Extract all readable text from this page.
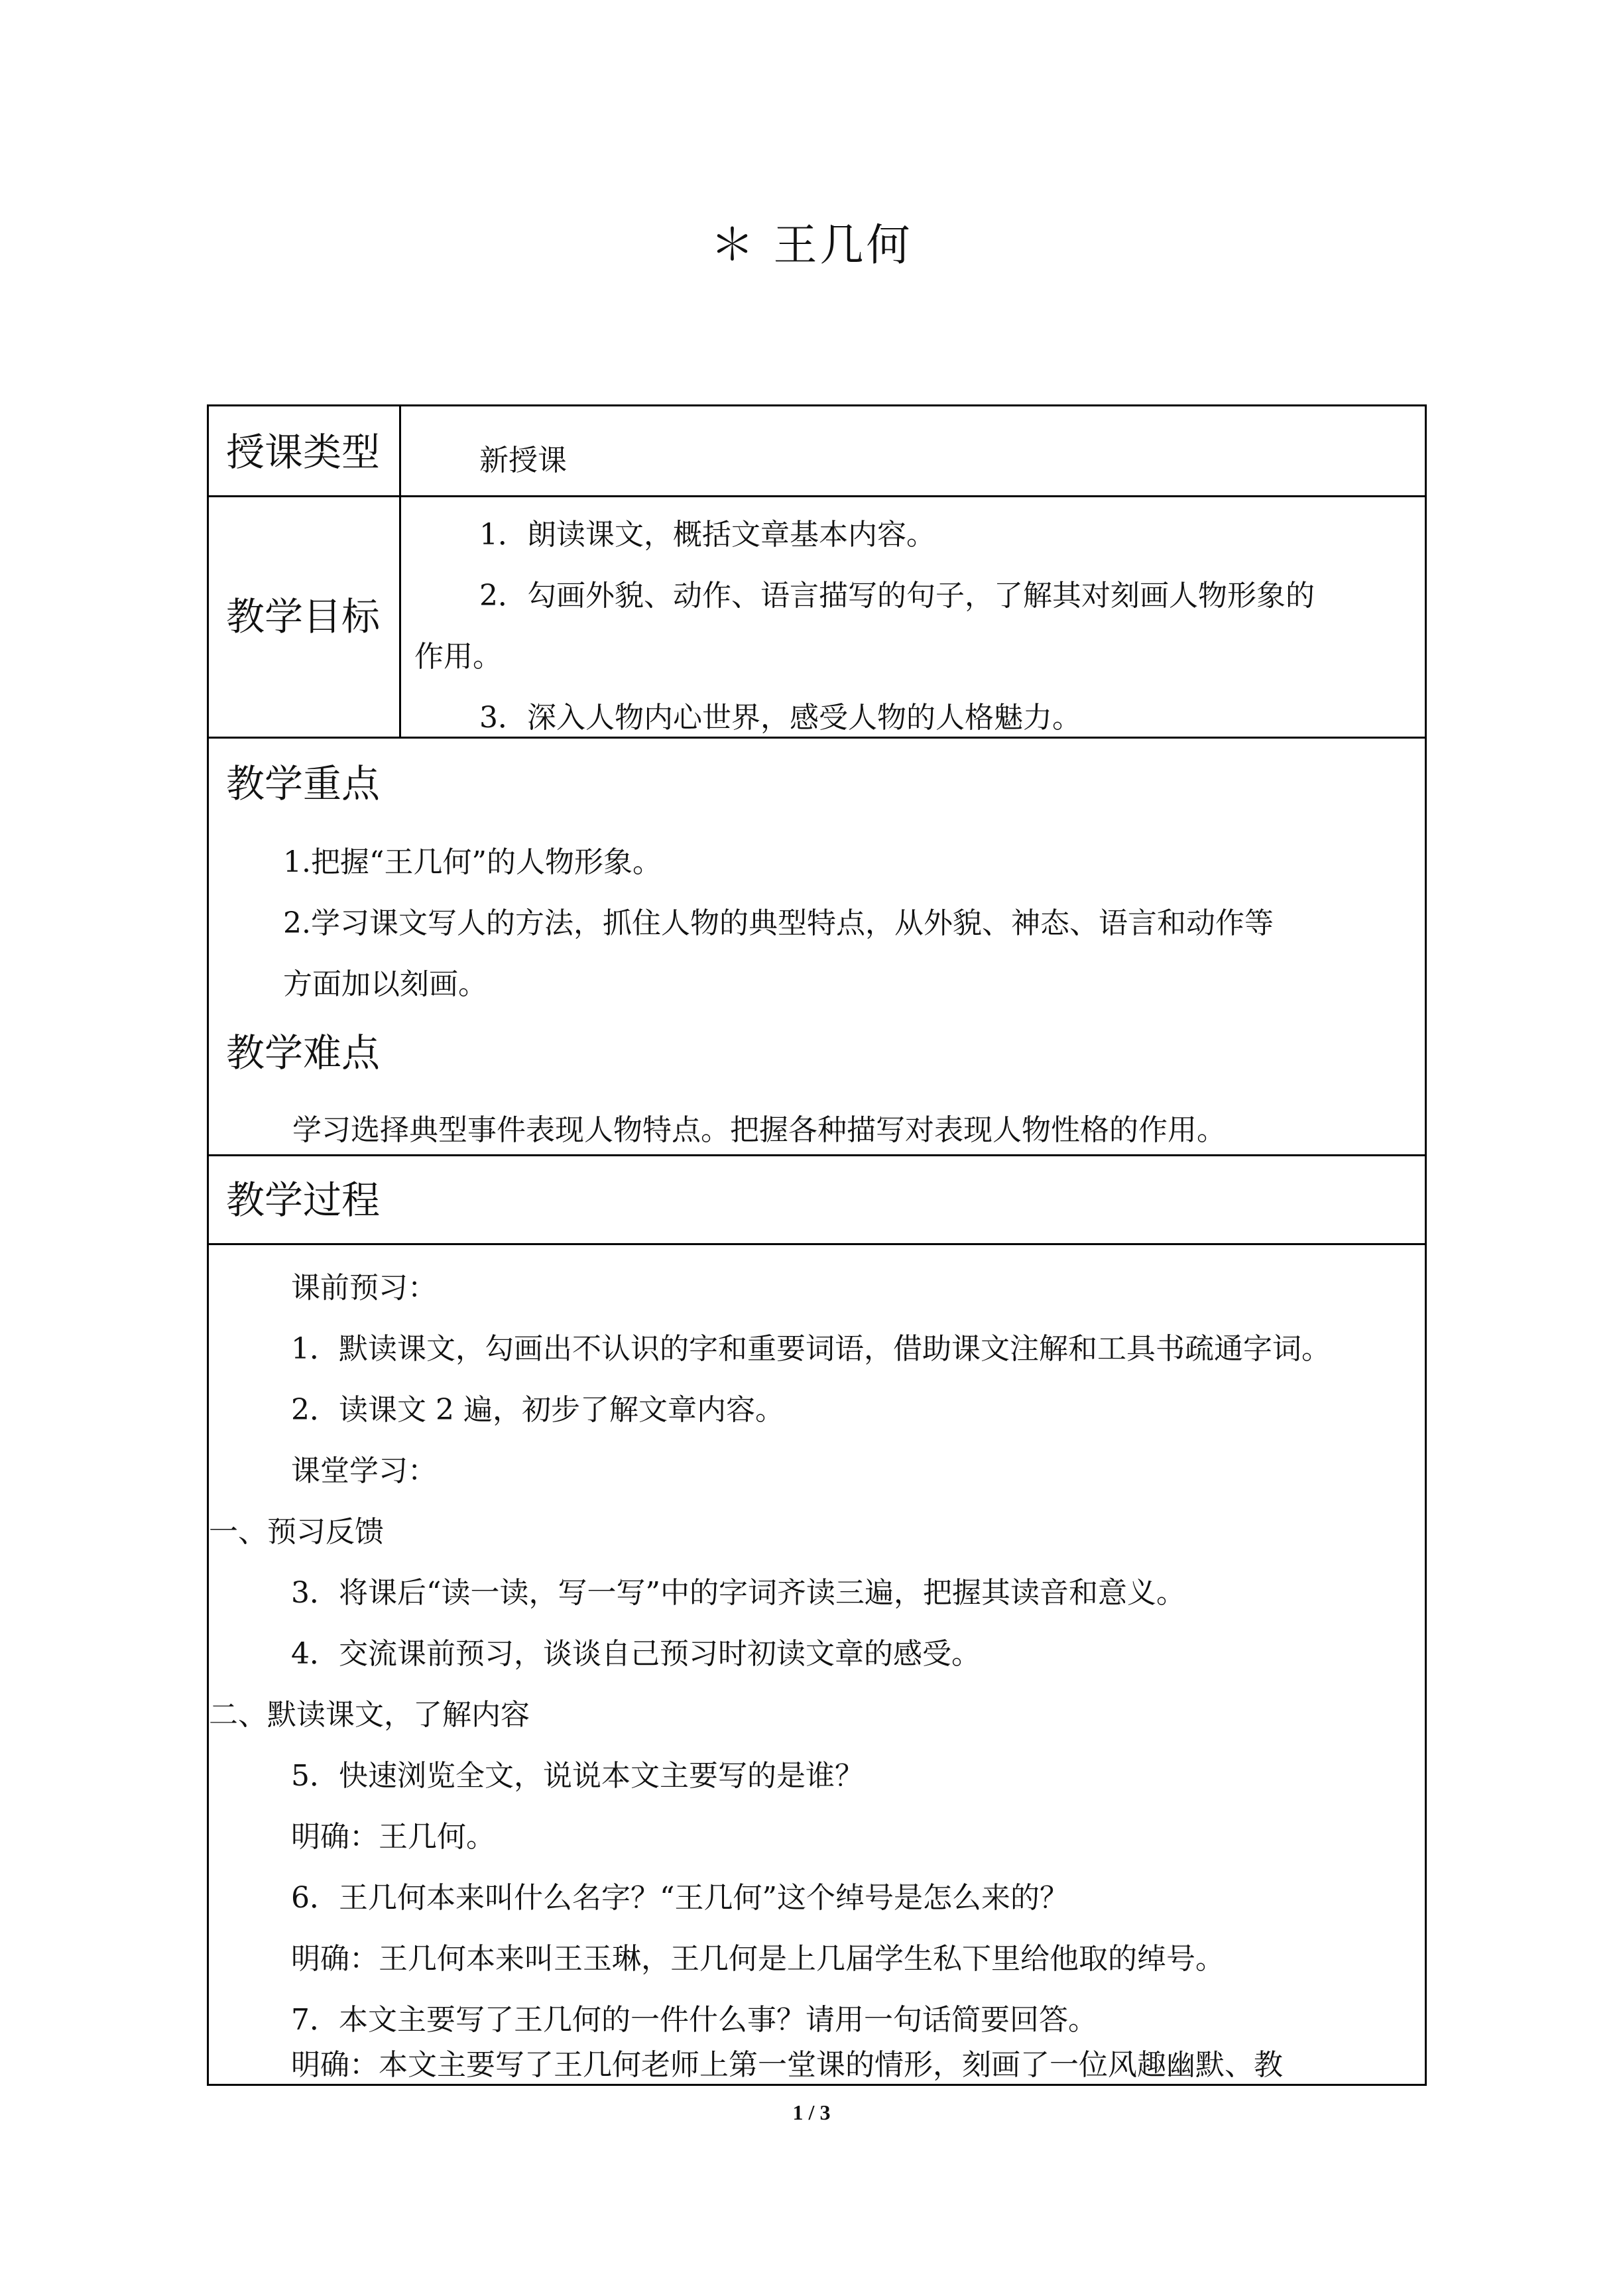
＊ 王几何
授课类型	新授课
教学目标
1．朗读课文，概括文章基本内容。
2．勾画外貌、动作、语言描写的句子，了解其对刻画人物形象的
作用。
3．深入人物内心世界，感受人物的人格魅力。
教学重点
1.把握“王几何”的人物形象。
2.学习课文写人的方法，抓住人物的典型特点，从外貌、神态、语言和动作等
方面加以刻画。
教学难点
学习选择典型事件表现人物特点。把握各种描写对表现人物性格的作用。
教学过程
课前预习：
1．默读课文，勾画出不认识的字和重要词语，借助课文注解和工具书疏通字词。
2．读课文 2 遍，初步了解文章内容。
课堂学习：
一、预习反馈
3．将课后“读一读，写一写”中的字词齐读三遍，把握其读音和意义。
4．交流课前预习，谈谈自己预习时初读文章的感受。
二、默读课文，了解内容
5．快速浏览全文，说说本文主要写的是谁？
明确：王几何。
6．王几何本来叫什么名字？“王几何”这个绰号是怎么来的？
明确：王几何本来叫王玉琳，王几何是上几届学生私下里给他取的绰号。
7．本文主要写了王几何的一件什么事？请用一句话简要回答。
明确：本文主要写了王几何老师上第一堂课的情形，刻画了一位风趣幽默、教
1 / 3
